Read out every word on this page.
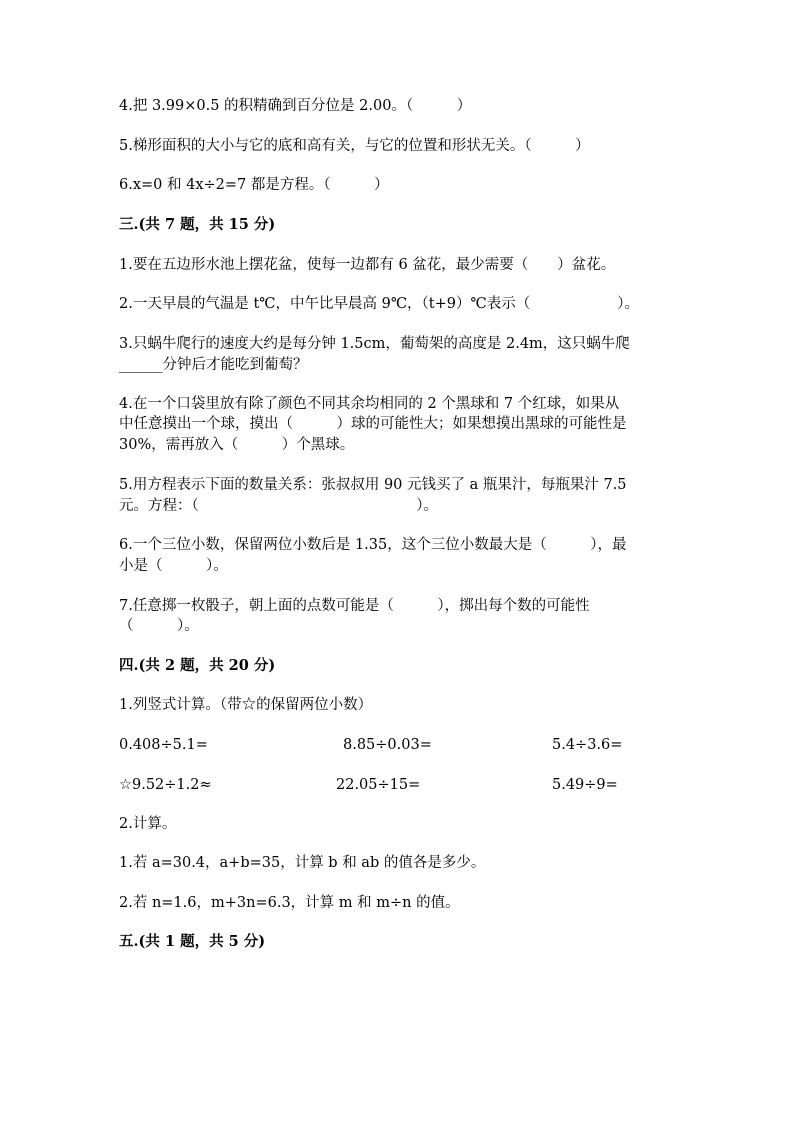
4.把 3.99×0.5 的积精确到百分位是 2.00。（　　　）
5.梯形面积的大小与它的底和高有关，与它的位置和形状无关。（　　　）
6.x=0 和 4x÷2=7 都是方程。（　　　）
三.(共 7 题，共 15 分)
1.要在五边形水池上摆花盆，使每一边都有 6 盆花，最少需要（　　）盆花。
2.一天早晨的气温是 t℃，中午比早晨高 9℃，（t+9）℃表示（　　　　　　）。
3.只蜗牛爬行的速度大约是每分钟 1.5cm，葡萄架的高度是 2.4m，这只蜗牛爬
______分钟后才能吃到葡萄？
4.在一个口袋里放有除了颜色不同其余均相同的 2 个黑球和 7 个红球，如果从
中任意摸出一个球，摸出（　　　）球的可能性大；如果想摸出黑球的可能性是
30%，需再放入（　　　）个黑球。
5.用方程表示下面的数量关系：张叔叔用 90 元钱买了 a 瓶果汁，每瓶果汁 7.5
元。方程：（　　　　　　　　　　　　　　　）。
6.一个三位小数，保留两位小数后是 1.35，这个三位小数最大是（　　　），最
小是（　　　）。
7.任意掷一枚骰子，朝上面的点数可能是（　　　），掷出每个数的可能性
（　　　）。
四.(共 2 题，共 20 分)
1.列竖式计算。（带☆的保留两位小数）
0.408÷5.1=	8.85÷0.03=	5.4÷3.6=
☆9.52÷1.2≈	22.05÷15=	5.49÷9=
2.计算。
1.若 a=30.4，a+b=35，计算 b 和 ab 的值各是多少。
2.若 n=1.6，m+3n=6.3，计算 m 和 m÷n 的值。
五.(共 1 题，共 5 分)
